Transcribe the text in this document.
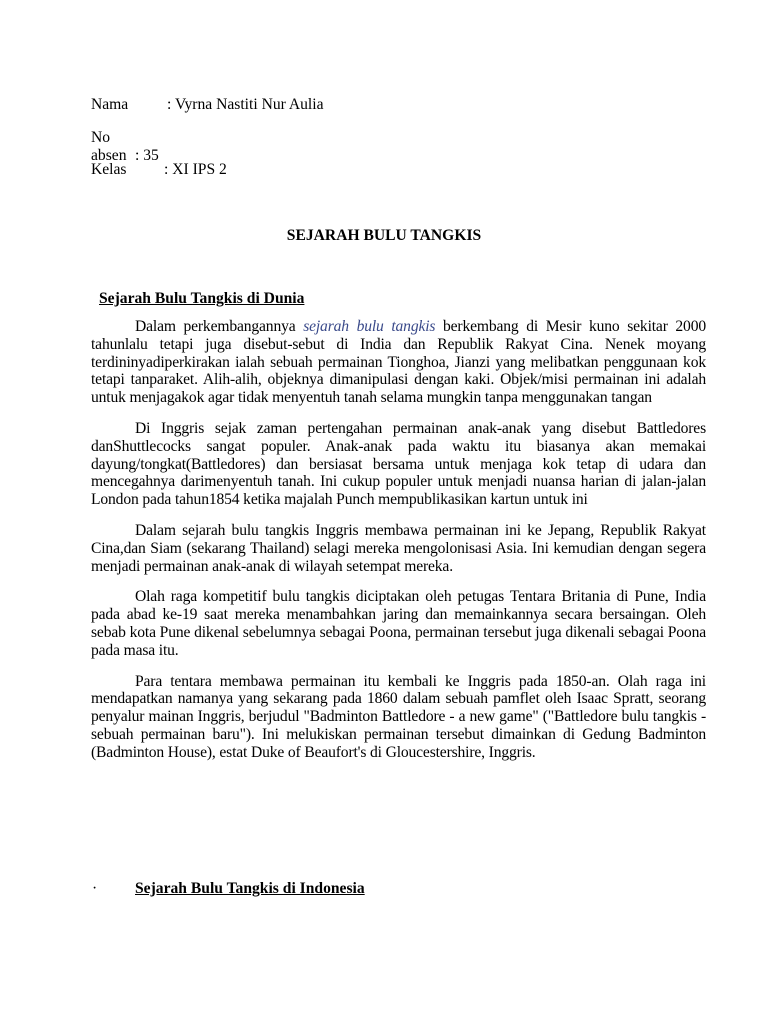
Nama : Vyrna Nastiti Nur Aulia
No absen : 35
Kelas : XI IPS 2
SEJARAH BULU TANGKIS
Sejarah Bulu Tangkis di Dunia

Dalam perkembangannya sejarah bulu tangkis berkembang di Mesir kuno sekitar 2000 tahunlalu tetapi juga disebut-sebut di India dan Republik Rakyat Cina. Nenek moyang terdininyadiperkirakan ialah sebuah permainan Tionghoa, Jianzi yang melibatkan penggunaan kok tetapi tanparaket. Alih-alih, objeknya dimanipulasi dengan kaki. Objek/misi permainan ini adalah untuk menjagakok agar tidak menyentuh tanah selama mungkin tanpa menggunakan tangan

Di Inggris sejak zaman pertengahan permainan anak-anak yang disebut Battledores danShuttlecocks sangat populer. Anak-anak pada waktu itu biasanya akan memakai dayung/tongkat(Battledores) dan bersiasat bersama untuk menjaga kok tetap di udara dan mencegahnya darimenyentuh tanah. Ini cukup populer untuk menjadi nuansa harian di jalan-jalan London pada tahun1854 ketika majalah Punch mempublikasikan kartun untuk ini

Dalam sejarah bulu tangkis Inggris membawa permainan ini ke Jepang, Republik Rakyat Cina,dan Siam (sekarang Thailand) selagi mereka mengolonisasi Asia. Ini kemudian dengan segera menjadi permainan anak-anak di wilayah setempat mereka.

Olah raga kompetitif bulu tangkis diciptakan oleh petugas Tentara Britania di Pune, India pada abad ke-19 saat mereka menambahkan jaring dan memainkannya secara bersaingan. Oleh sebab kota Pune dikenal sebelumnya sebagai Poona, permainan tersebut juga dikenali sebagai Poona pada masa itu.

Para tentara membawa permainan itu kembali ke Inggris pada 1850-an. Olah raga ini mendapatkan namanya yang sekarang pada 1860 dalam sebuah pamflet oleh Isaac Spratt, seorang penyalur mainan Inggris, berjudul "Badminton Battledore - a new game" ("Battledore bulu tangkis - sebuah permainan baru"). Ini melukiskan permainan tersebut dimainkan di Gedung Badminton (Badminton House), estat Duke of Beaufort's di Gloucestershire, Inggris.

· Sejarah Bulu Tangkis di Indonesia
